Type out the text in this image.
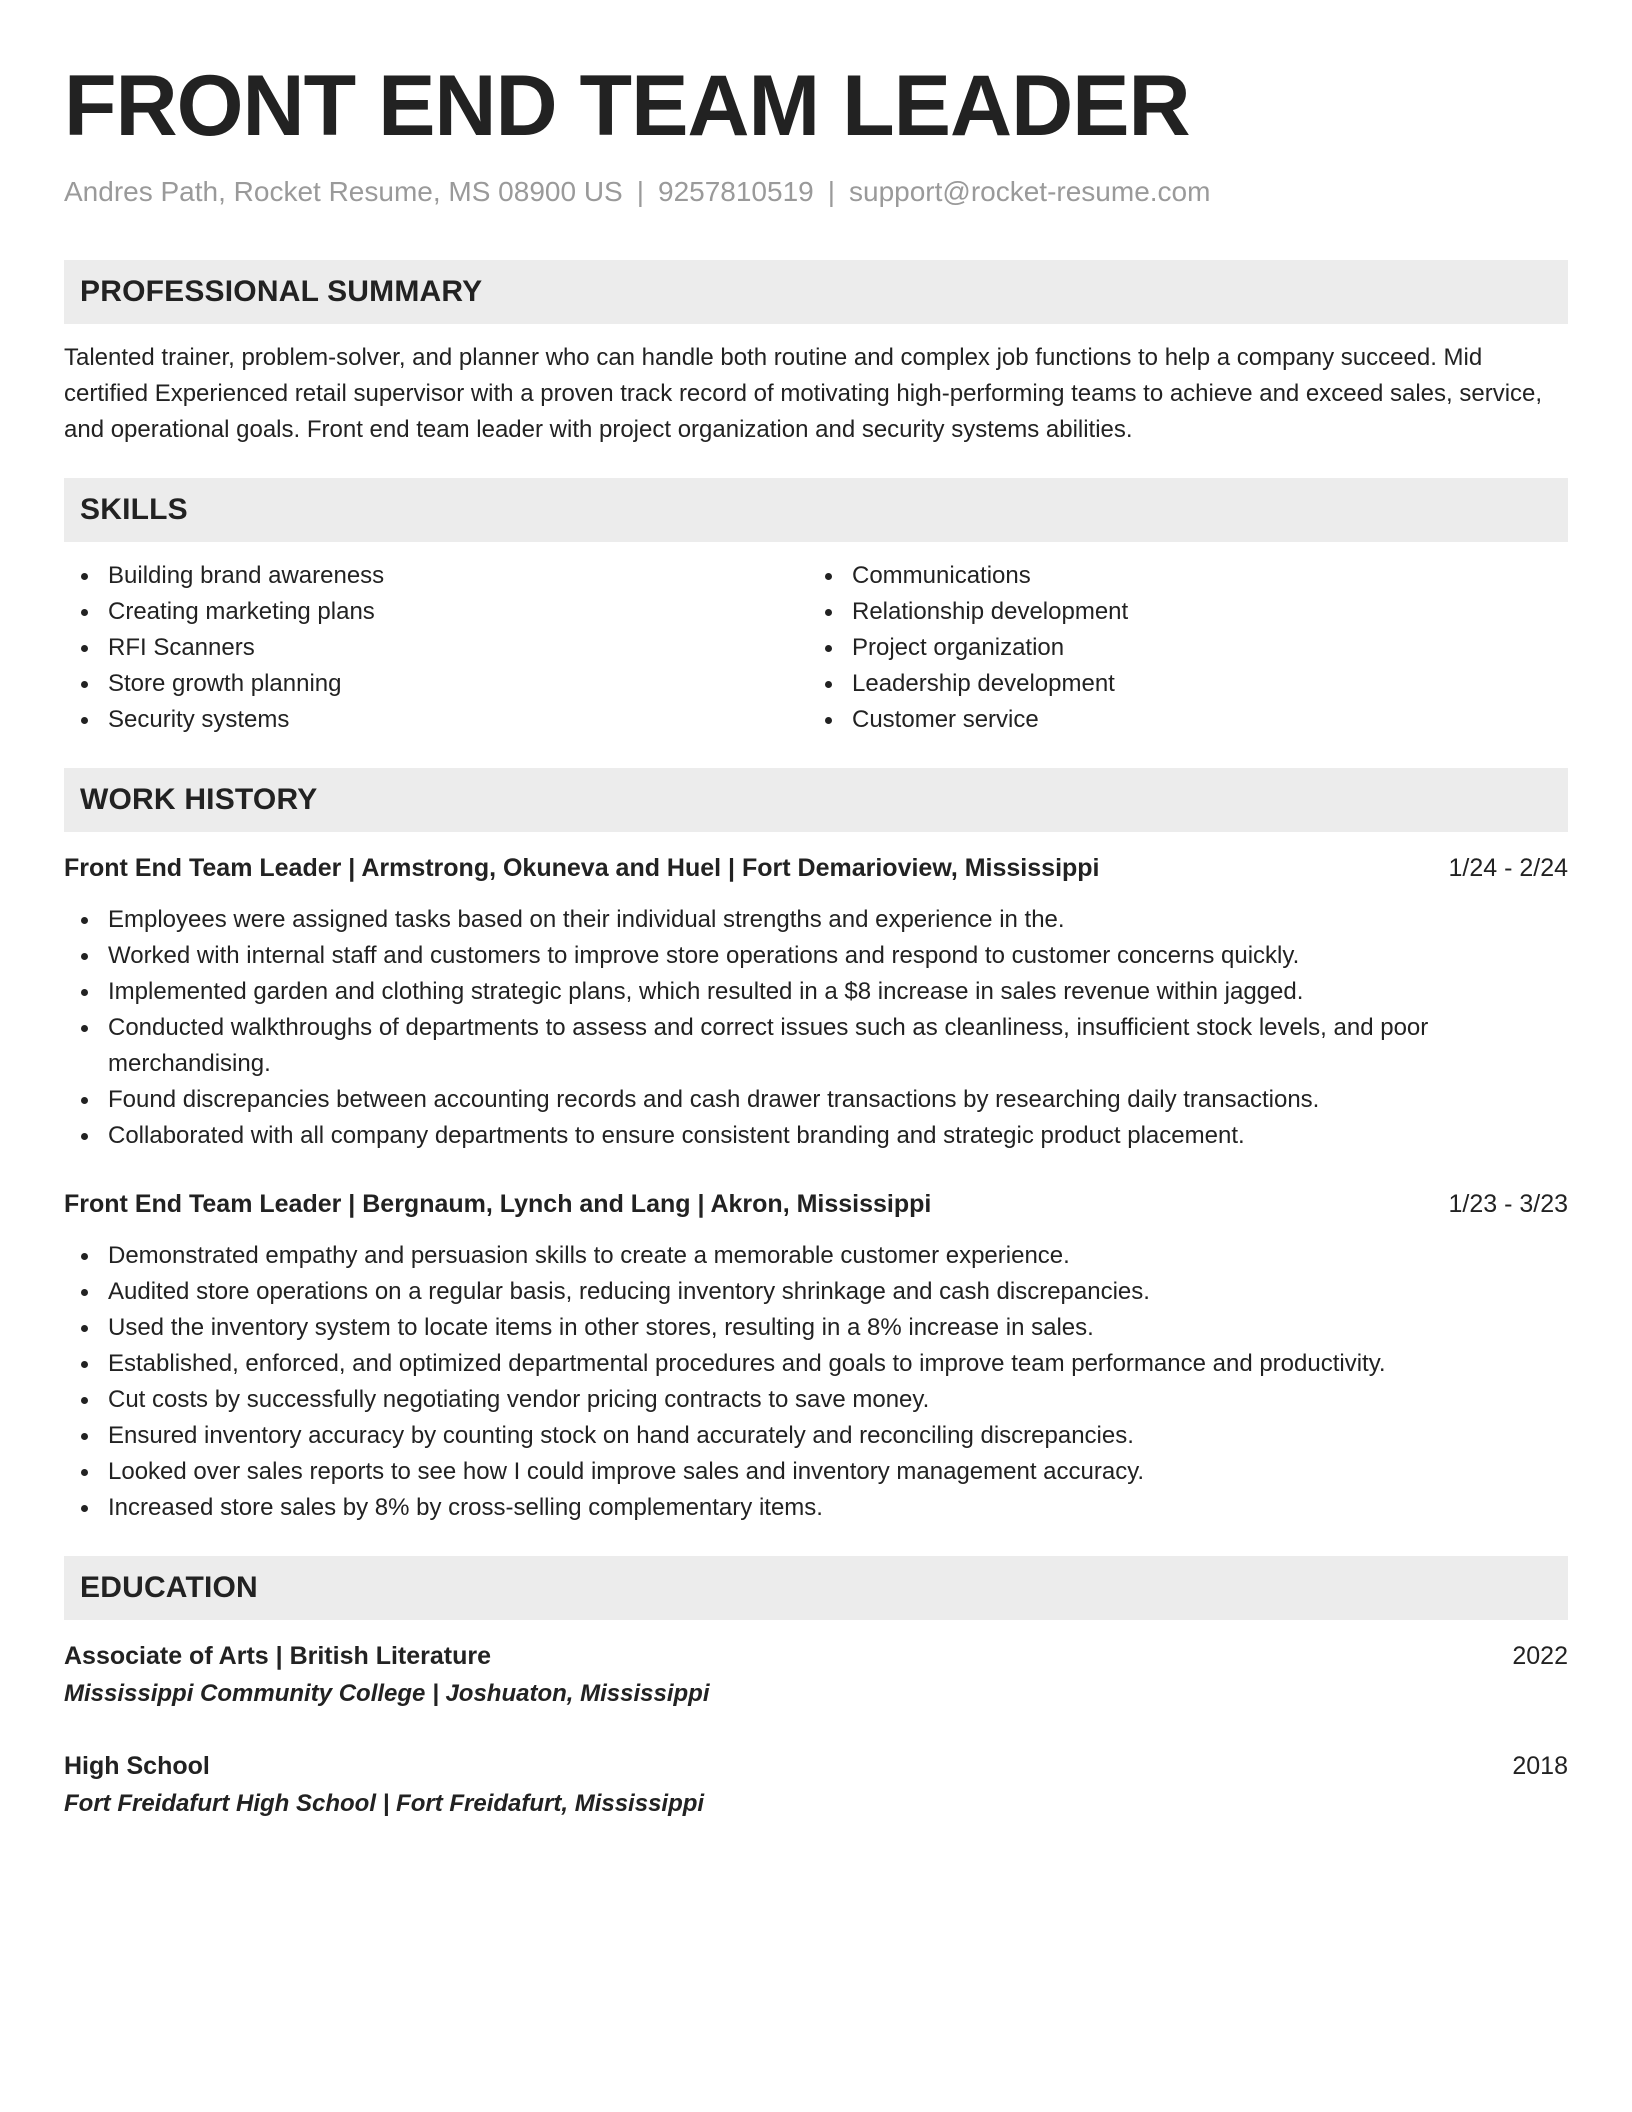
FRONT END TEAM LEADER
Andres Path, Rocket Resume, MS 08900 US | 9257810519 | support@rocket-resume.com
PROFESSIONAL SUMMARY

Talented trainer, problem-solver, and planner who can handle both routine and complex job functions to help a company succeed. Mid certified Experienced retail supervisor with a proven track record of motivating high-performing teams to achieve and exceed sales, service, and operational goals. Front end team leader with project organization and security systems abilities.

SKILLS
Building brand awareness
Creating marketing plans
RFI Scanners
Store growth planning
Security systems
Communications
Relationship development
Project organization
Leadership development
Customer service
WORK HISTORY
Front End Team Leader | Armstrong, Okuneva and Huel | Fort Demarioview, Mississippi	1/24 - 2/24
Employees were assigned tasks based on their individual strengths and experience in the.
Worked with internal staff and customers to improve store operations and respond to customer concerns quickly.
Implemented garden and clothing strategic plans, which resulted in a $8 increase in sales revenue within jagged.
Conducted walkthroughs of departments to assess and correct issues such as cleanliness, insufficient stock levels, and poor merchandising.
Found discrepancies between accounting records and cash drawer transactions by researching daily transactions.
Collaborated with all company departments to ensure consistent branding and strategic product placement.
Front End Team Leader | Bergnaum, Lynch and Lang | Akron, Mississippi	1/23 - 3/23
Demonstrated empathy and persuasion skills to create a memorable customer experience.
Audited store operations on a regular basis, reducing inventory shrinkage and cash discrepancies.
Used the inventory system to locate items in other stores, resulting in a 8% increase in sales.
Established, enforced, and optimized departmental procedures and goals to improve team performance and productivity.
Cut costs by successfully negotiating vendor pricing contracts to save money.
Ensured inventory accuracy by counting stock on hand accurately and reconciling discrepancies.
Looked over sales reports to see how I could improve sales and inventory management accuracy.
Increased store sales by 8% by cross-selling complementary items.
EDUCATION
Associate of Arts | British Literature	2022
Mississippi Community College | Joshuaton, Mississippi
High School	2018
Fort Freidafurt High School | Fort Freidafurt, Mississippi
